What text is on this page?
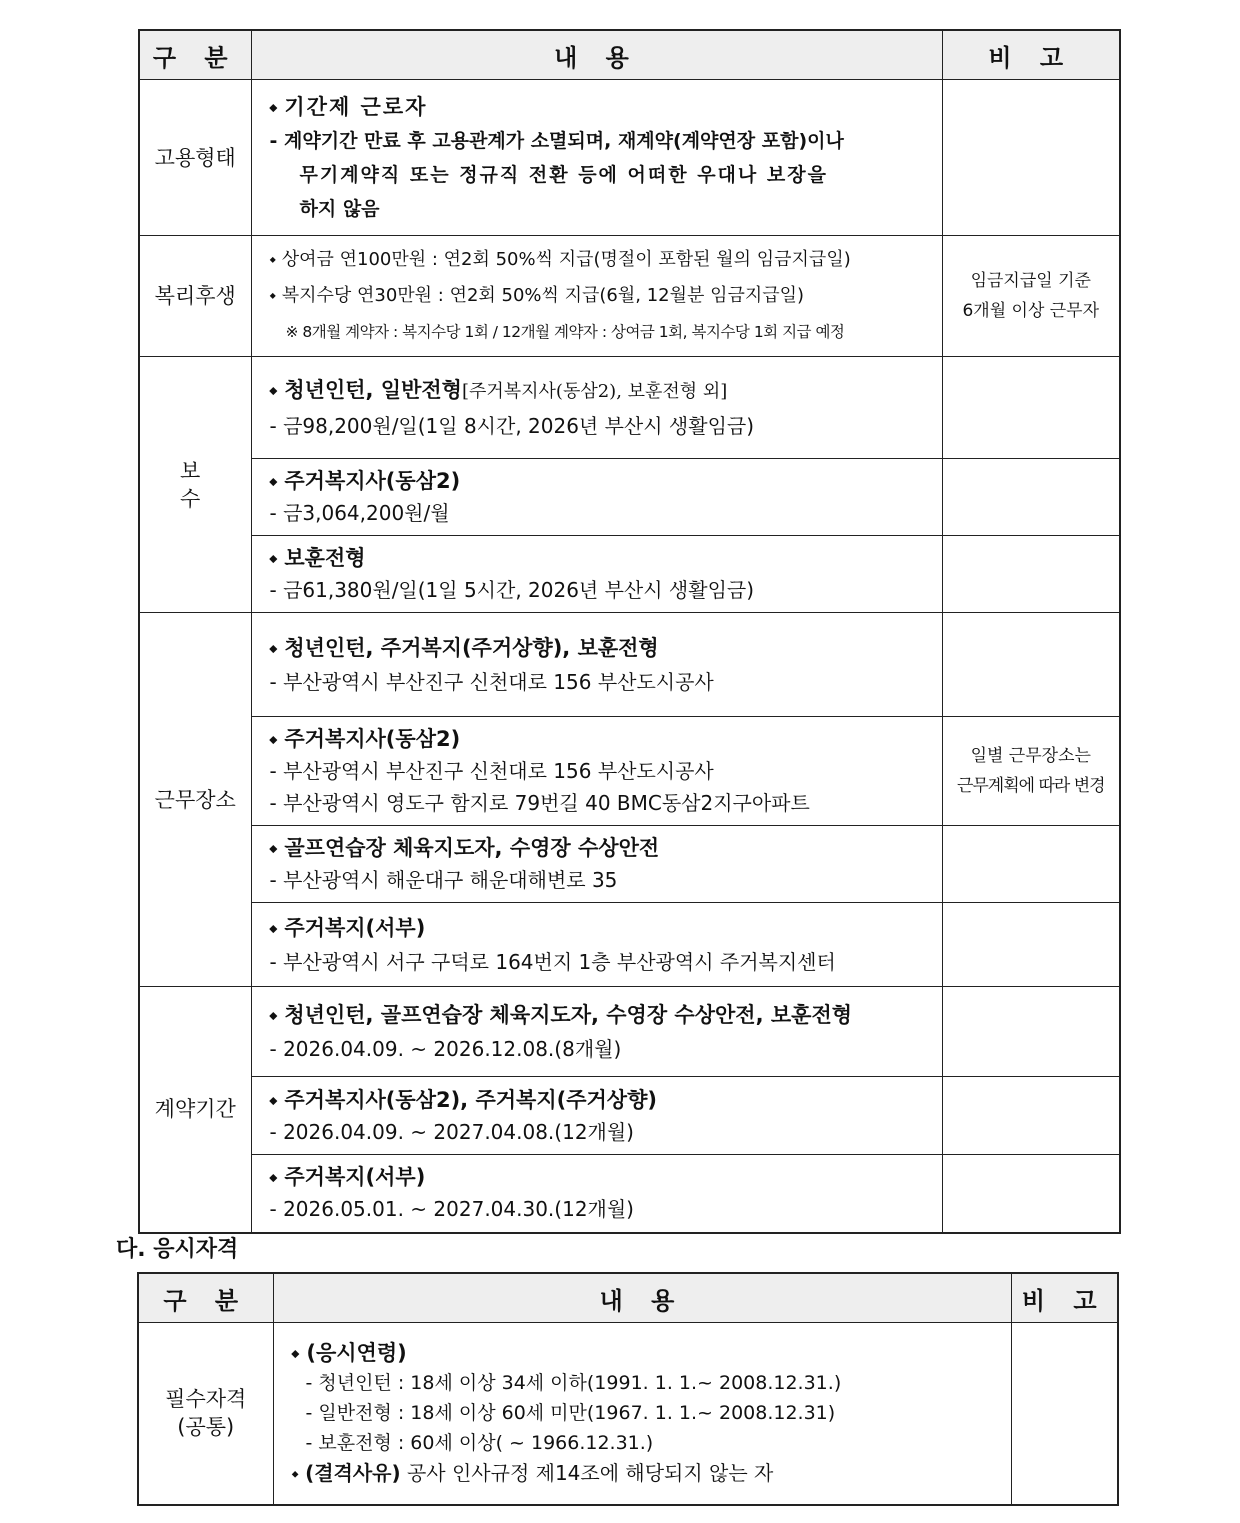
구 분	내 용	비 고
고용형태	⬩ 기간제 근로자
- 계약기간 만료 후 고용관계가 소멸되며, 재계약(계약연장 포함)이나
무기계약직 또는 정규직 전환 등에 어떠한 우대나 보장을
하지 않음	

복리후생	⬩ 상여금 연100만원 : 연2회 50%씩 지급(명절이 포함된 월의 임금지급일)
⬩ 복지수당 연30만원 : 연2회 50%씩 지급(6월, 12월분 임금지급일)
※ 8개월 계약자 : 복지수당 1회 / 12개월 계약자 : 상여금 1회, 복지수당 1회 지급 예정	임금지급일 기준
6개월 이상 근무자

보 수	⬩ 청년인턴, 일반전형[주거복지사(동삼2), 보훈전형 외]
- 금98,200원/일(1일 8시간, 2026년 부산시 생활임금)	

	⬩ 주거복지사(동삼2)
- 금3,064,200원/월	

	⬩ 보훈전형
- 금61,380원/일(1일 5시간, 2026년 부산시 생활임금)	

근무장소	⬩ 청년인턴, 주거복지(주거상향), 보훈전형
- 부산광역시 부산진구 신천대로 156 부산도시공사	

	⬩ 주거복지사(동삼2)
- 부산광역시 부산진구 신천대로 156 부산도시공사
- 부산광역시 영도구 함지로 79번길 40 BMC동삼2지구아파트	일별 근무장소는
근무계획에 따라 변경

	⬩ 골프연습장 체육지도자, 수영장 수상안전
- 부산광역시 해운대구 해운대해변로 35	

	⬩ 주거복지(서부)
- 부산광역시 서구 구덕로 164번지 1층 부산광역시 주거복지센터	

계약기간	⬩ 청년인턴, 골프연습장 체육지도자, 수영장 수상안전, 보훈전형
- 2026.04.09. ~ 2026.12.08.(8개월)	

	⬩ 주거복지사(동삼2), 주거복지(주거상향)
- 2026.04.09. ~ 2027.04.08.(12개월)	

	⬩ 주거복지(서부)
- 2026.05.01. ~ 2027.04.30.(12개월)	

다. 응시자격
구 분	내 용	비 고

필수자격
(공통)	⬩ (응시연령)
- 청년인턴 : 18세 이상 34세 이하(1991. 1. 1.~ 2008.12.31.)
- 일반전형 : 18세 이상 60세 미만(1967. 1. 1.~ 2008.12.31)
- 보훈전형 : 60세 이상( ~ 1966.12.31.)
⬩ (결격사유) 공사 인사규정 제14조에 해당되지 않는 자	
